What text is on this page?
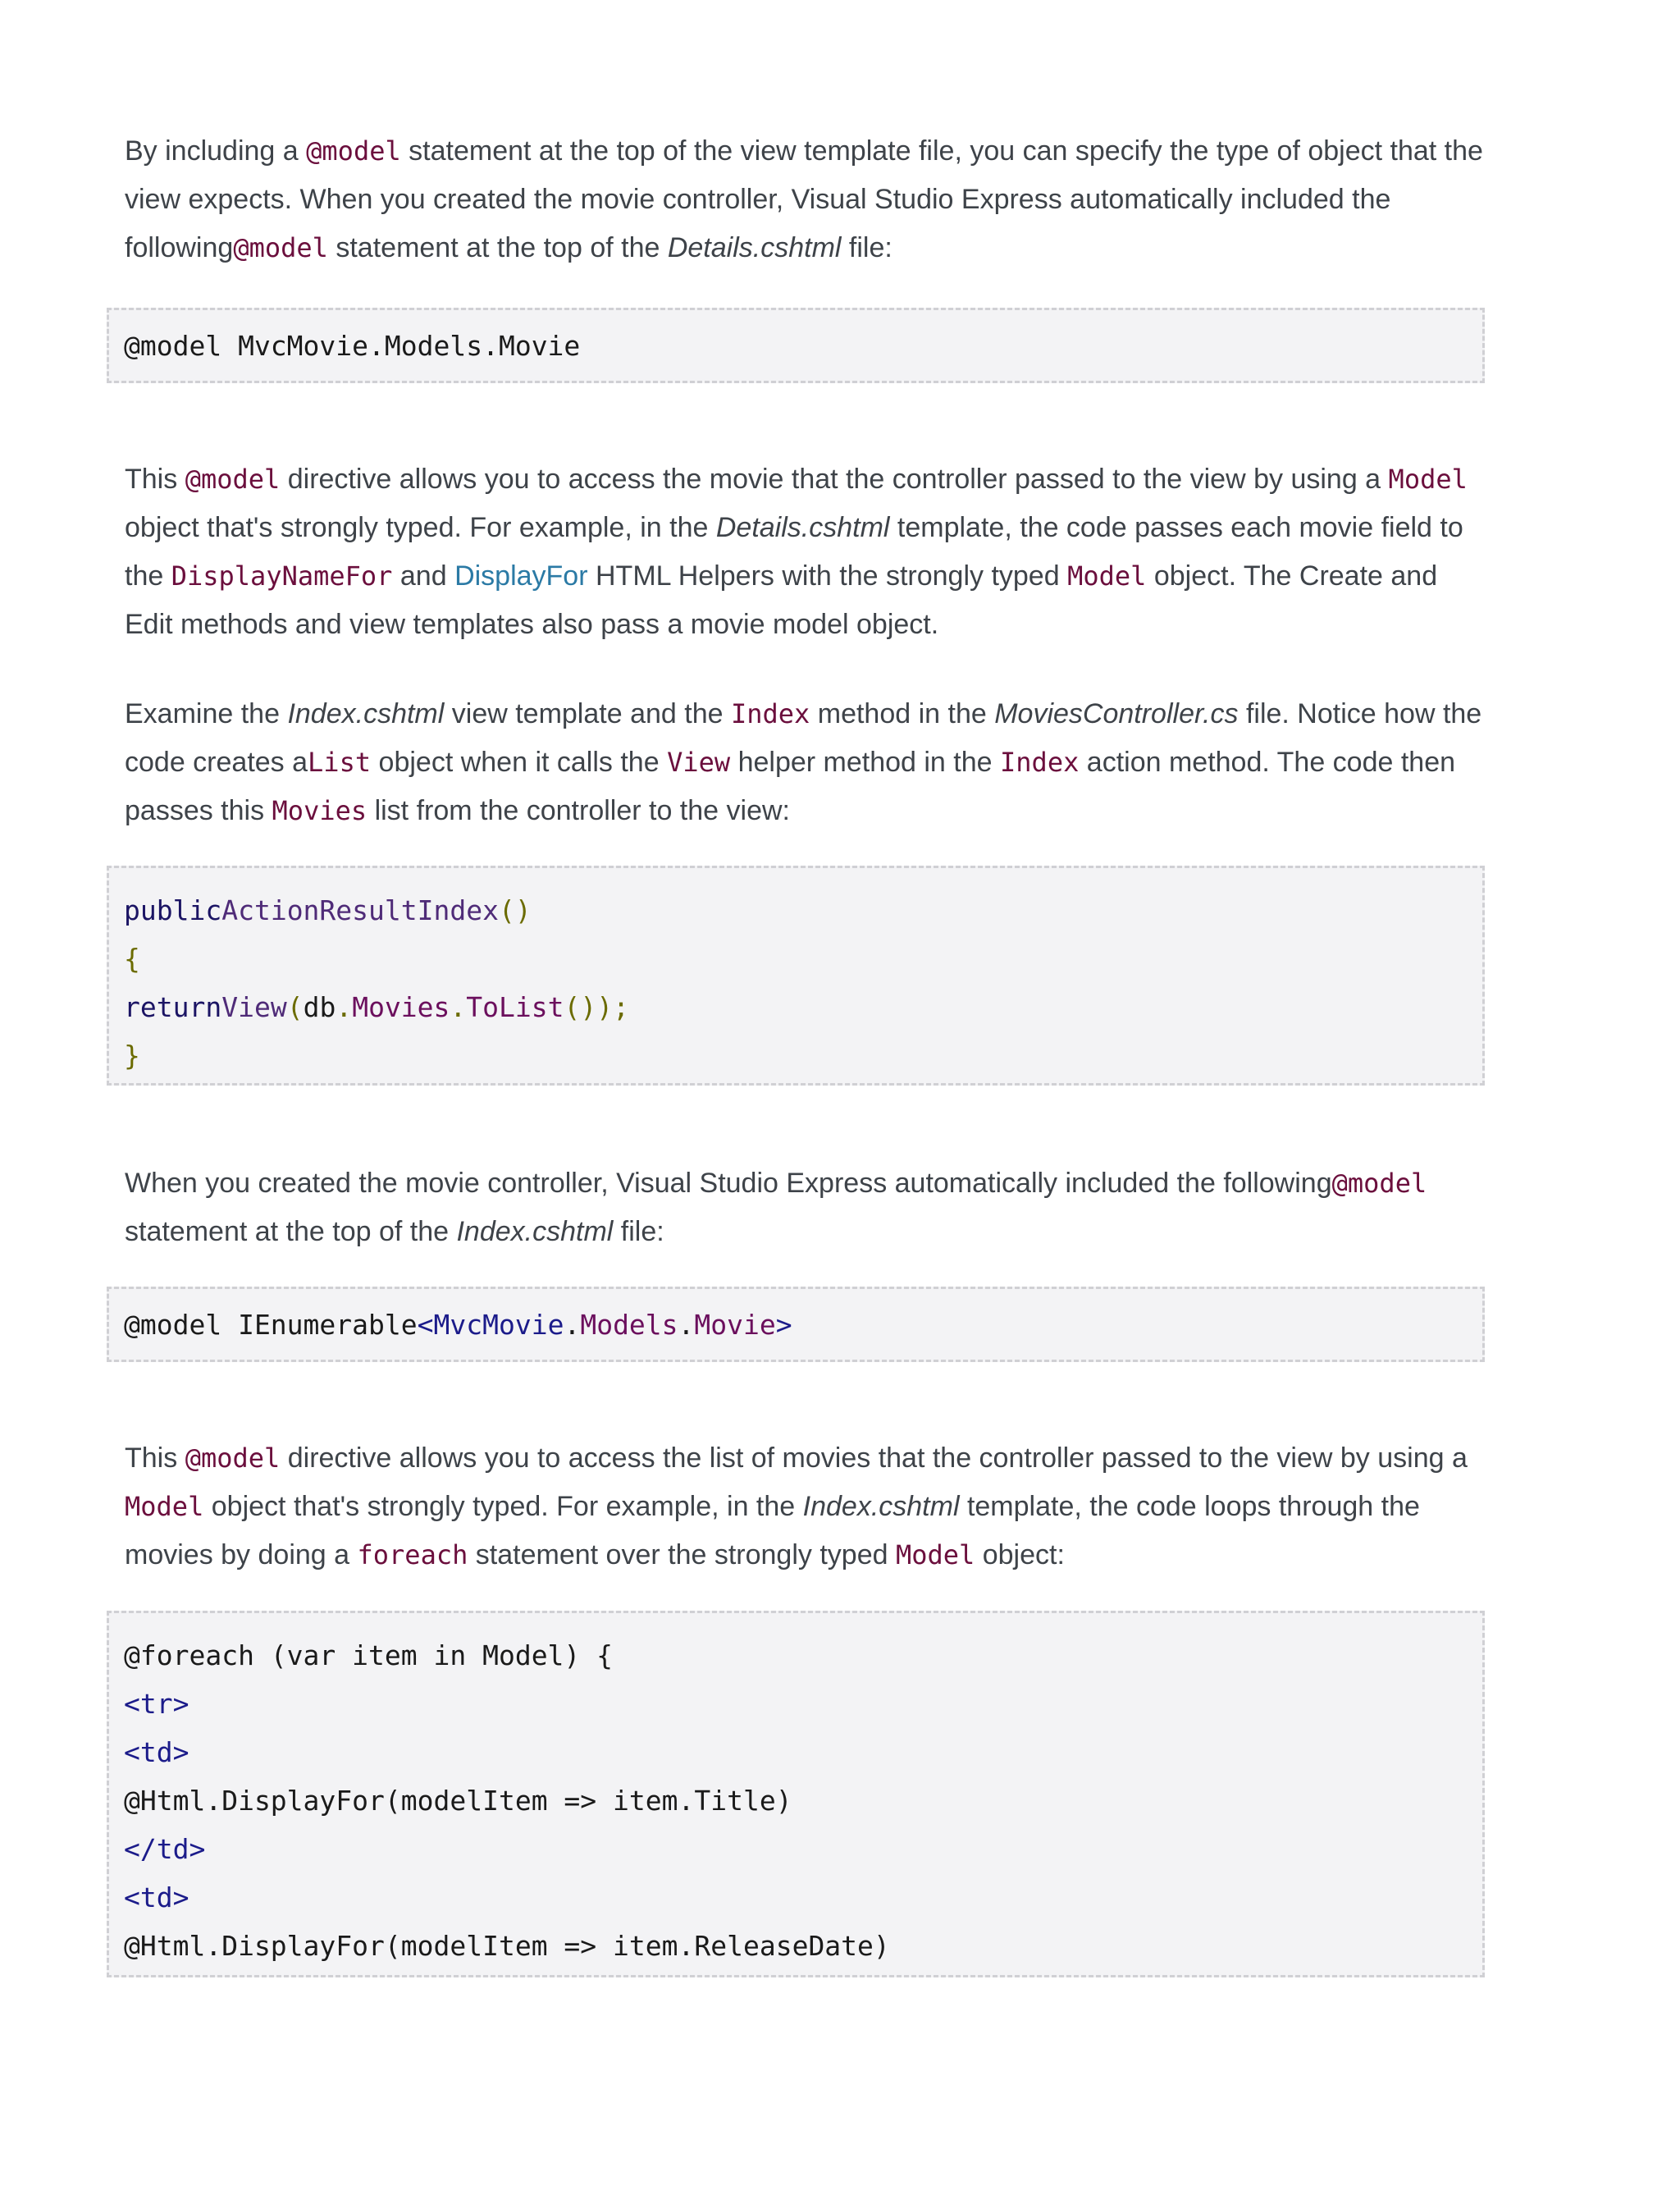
By including a @model statement at the top of the view template file, you can specify the type of object that the view expects. When you created the movie controller, Visual Studio Express automatically included the following@model statement at the top of the Details.cshtml file:

@model MvcMovie.Models.Movie

This @model directive allows you to access the movie that the controller passed to the view by using a Model object that's strongly typed. For example, in the Details.cshtml template, the code passes each movie field to the DisplayNameFor and DisplayFor HTML Helpers with the strongly typed Model object. The Create and Edit methods and view templates also pass a movie model object.

Examine the Index.cshtml view template and the Index method in the MoviesController.cs file. Notice how the code creates aList object when it calls the View helper method in the Index action method. The code then passes this Movies list from the controller to the view:

publicActionResultIndex()
{
returnView(db.Movies.ToList());
}

When you created the movie controller, Visual Studio Express automatically included the following@model statement at the top of the Index.cshtml file:

@model IEnumerable<MvcMovie.Models.Movie>

This @model directive allows you to access the list of movies that the controller passed to the view by using a Model object that's strongly typed. For example, in the Index.cshtml template, the code loops through the movies by doing a foreach statement over the strongly typed Model object:

@foreach (var item in Model) {
<tr>
<td>
@Html.DisplayFor(modelItem => item.Title)
</td>
<td>
@Html.DisplayFor(modelItem => item.ReleaseDate)
